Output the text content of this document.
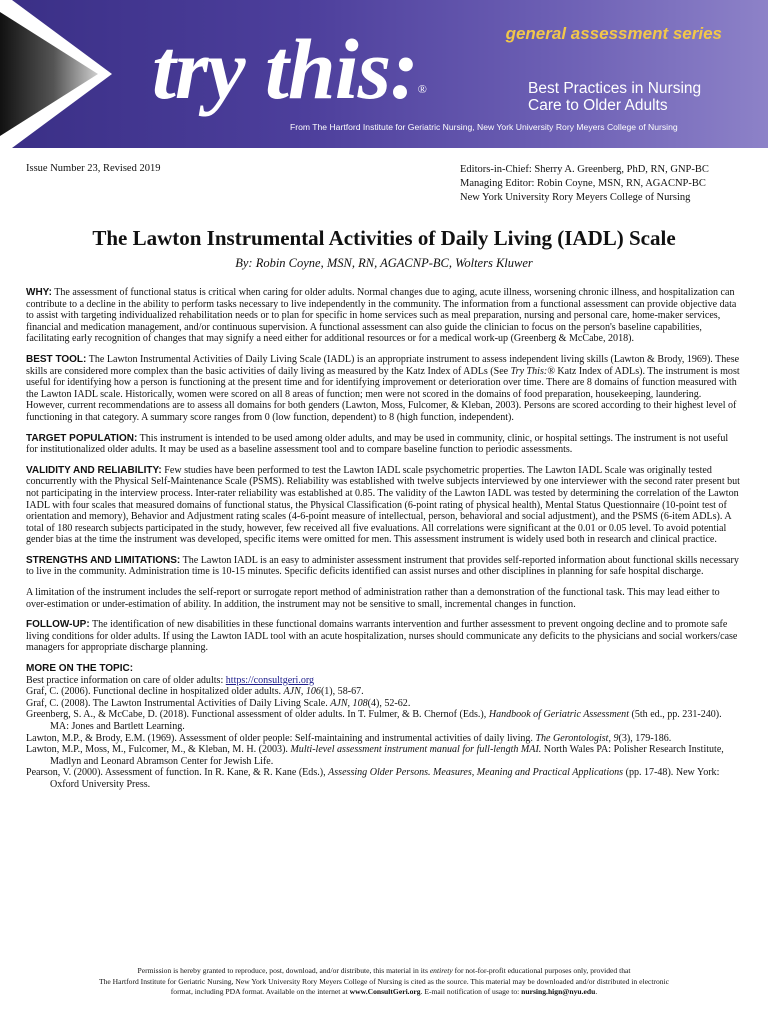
general assessment series
try this:®	Best Practices in Nursing
Care to Older Adults
From The Hartford Institute for Geriatric Nursing, New York University Rory Meyers College of Nursing
Issue Number 23, Revised 2019	Editors-in-Chief: Sherry A. Greenberg, PhD, RN, GNP-BC
Managing Editor: Robin Coyne, MSN, RN, AGACNP-BC
New York University Rory Meyers College of Nursing
The Lawton Instrumental Activities of Daily Living (IADL) Scale
By: Robin Coyne, MSN, RN, AGACNP-BC, Wolters Kluwer

WHY: The assessment of functional status is critical when caring for older adults. Normal changes due to aging, acute illness, worsening chronic illness, and hospitalization can contribute to a decline in the ability to perform tasks necessary to live independently in the community. The information from a functional assessment can provide objective data to assist with targeting individualized rehabilitation needs or to plan for specific in home services such as meal preparation, nursing and personal care, home-maker services, financial and medication management, and/or continuous supervision. A functional assessment can also guide the clinician to focus on the person's baseline capabilities, facilitating early recognition of changes that may signify a need either for additional resources or for a medical work-up (Greenberg & McCabe, 2018).

BEST TOOL: The Lawton Instrumental Activities of Daily Living Scale (IADL) is an appropriate instrument to assess independent living skills (Lawton & Brody, 1969). These skills are considered more complex than the basic activities of daily living as measured by the Katz Index of ADLs (See Try This:® Katz Index of ADLs). The instrument is most useful for identifying how a person is functioning at the present time and for identifying improvement or deterioration over time. There are 8 domains of function measured with the Lawton IADL scale. Historically, women were scored on all 8 areas of function; men were not scored in the domains of food preparation, housekeeping, laundering. However, current recommendations are to assess all domains for both genders (Lawton, Moss, Fulcomer, & Kleban, 2003). Persons are scored according to their highest level of functioning in that category. A summary score ranges from 0 (low function, dependent) to 8 (high function, independent).

TARGET POPULATION: This instrument is intended to be used among older adults, and may be used in community, clinic, or hospital settings. The instrument is not useful for institutionalized older adults. It may be used as a baseline assessment tool and to compare baseline function to periodic assessments.

VALIDITY AND RELIABILITY: Few studies have been performed to test the Lawton IADL scale psychometric properties. The Lawton IADL Scale was originally tested concurrently with the Physical Self-Maintenance Scale (PSMS). Reliability was established with twelve subjects interviewed by one interviewer with the second rater present but not participating in the interview process. Inter-rater reliability was established at 0.85. The validity of the Lawton IADL was tested by determining the correlation of the Lawton IADL with four scales that measured domains of functional status, the Physical Classification (6-point rating of physical health), Mental Status Questionnaire (10-point test of orientation and memory), Behavior and Adjustment rating scales (4-6-point measure of intellectual, person, behavioral and social adjustment), and the PSMS (6-item ADLs). A total of 180 research subjects participated in the study, however, few received all five evaluations. All correlations were significant at the 0.01 or 0.05 level. To avoid potential gender bias at the time the instrument was developed, specific items were omitted for men. This assessment instrument is widely used both in research and clinical practice.

STRENGTHS AND LIMITATIONS: The Lawton IADL is an easy to administer assessment instrument that provides self-reported information about functional skills necessary to live in the community. Administration time is 10-15 minutes. Specific deficits identified can assist nurses and other disciplines in planning for safe hospital discharge.

A limitation of the instrument includes the self-report or surrogate report method of administration rather than a demonstration of the functional task. This may lead either to over-estimation or under-estimation of ability. In addition, the instrument may not be sensitive to small, incremental changes in function.

FOLLOW-UP: The identification of new disabilities in these functional domains warrants intervention and further assessment to prevent ongoing decline and to promote safe living conditions for older adults. If using the Lawton IADL tool with an acute hospitalization, nurses should communicate any deficits to the physicians and social workers/case managers for appropriate discharge planning.

MORE ON THE TOPIC:
Best practice information on care of older adults: https://consultgeri.org
Graf, C. (2006). Functional decline in hospitalized older adults. AJN, 106(1), 58-67.
Graf, C. (2008). The Lawton Instrumental Activities of Daily Living Scale. AJN, 108(4), 52-62.
Greenberg, S. A., & McCabe, D. (2018). Functional assessment of older adults. In T. Fulmer, & B. Chernof (Eds.), Handbook of Geriatric Assessment (5th ed., pp. 231-240). MA: Jones and Bartlett Learning.
Lawton, M.P., & Brody, E.M. (1969). Assessment of older people: Self-maintaining and instrumental activities of daily living. The Gerontologist, 9(3), 179-186.
Lawton, M.P., Moss, M., Fulcomer, M., & Kleban, M. H. (2003). Multi-level assessment instrument manual for full-length MAI. North Wales PA: Polisher Research Institute, Madlyn and Leonard Abramson Center for Jewish Life.
Pearson, V. (2000). Assessment of function. In R. Kane, & R. Kane (Eds.), Assessing Older Persons. Measures, Meaning and Practical Applications (pp. 17-48). New York: Oxford University Press.
Permission is hereby granted to reproduce, post, download, and/or distribute, this material in its entirety for not-for-profit educational purposes only, provided that
The Hartford Institute for Geriatric Nursing, New York University Rory Meyers College of Nursing is cited as the source. This material may be downloaded and/or distributed in electronic
format, including PDA format. Available on the internet at www.ConsultGeri.org. E-mail notification of usage to: nursing.hign@nyu.edu.
